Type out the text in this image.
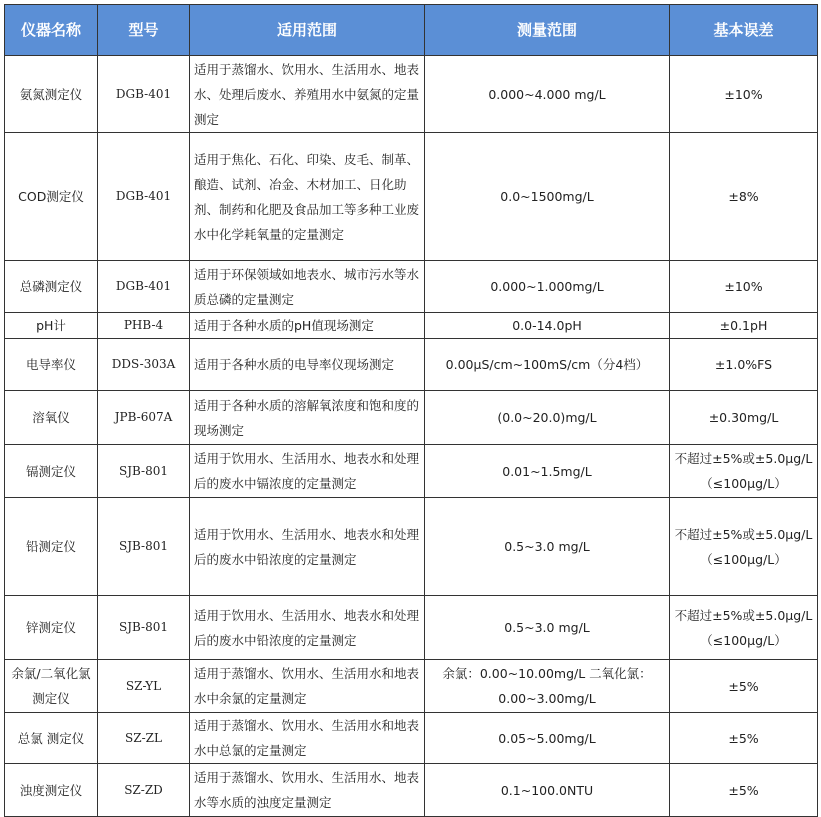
仪器名称	型号	适用范围	测量范围	基本误差
氨氮测定仪	DGB-401	适用于蒸馏水、饮用水、生活用水、地表水、处理后废水、养殖用水中氨氮的定量测定	0.000~4.000 mg/L	±10%
COD测定仪	DGB-401	适用于焦化、石化、印染、皮毛、制革、酿造、试剂、冶金、木材加工、日化助剂、制药和化肥及食品加工等多种工业废水中化学耗氧量的定量测定	0.0~1500mg/L	±8%
总磷测定仪	DGB-401	适用于环保领域如地表水、城市污水等水质总磷的定量测定	0.000~1.000mg/L	±10%
pH计	PHB-4	适用于各种水质的pH值现场测定	0.0-14.0pH	±0.1pH
电导率仪	DDS-303A	适用于各种水质的电导率仪现场测定	0.00μS/cm~100mS/cm（分4档）	±1.0%FS
溶氧仪	JPB-607A	适用于各种水质的溶解氧浓度和饱和度的现场测定	(0.0~20.0)mg/L	±0.30mg/L
镉测定仪	SJB-801	适用于饮用水、生活用水、地表水和处理后的废水中镉浓度的定量测定	0.01~1.5mg/L	不超过±5%或±5.0μg/L（≤100μg/L）
铅测定仪	SJB-801	适用于饮用水、生活用水、地表水和处理后的废水中铅浓度的定量测定	0.5~3.0 mg/L	不超过±5%或±5.0μg/L（≤100μg/L）
锌测定仪	SJB-801	适用于饮用水、生活用水、地表水和处理后的废水中铅浓度的定量测定	0.5~3.0 mg/L	不超过±5%或±5.0μg/L（≤100μg/L）
余氯/二氧化氯测定仪	SZ-YL	适用于蒸馏水、饮用水、生活用水和地表水中余氯的定量测定	余氯：0.00~10.00mg/L 二氧化氯：0.00~3.00mg/L	±5%
总氯 测定仪	SZ-ZL	适用于蒸馏水、饮用水、生活用水和地表水中总氯的定量测定	0.05~5.00mg/L	±5%
浊度测定仪	SZ-ZD	适用于蒸馏水、饮用水、生活用水、地表水等水质的浊度定量测定	0.1~100.0NTU	±5%
